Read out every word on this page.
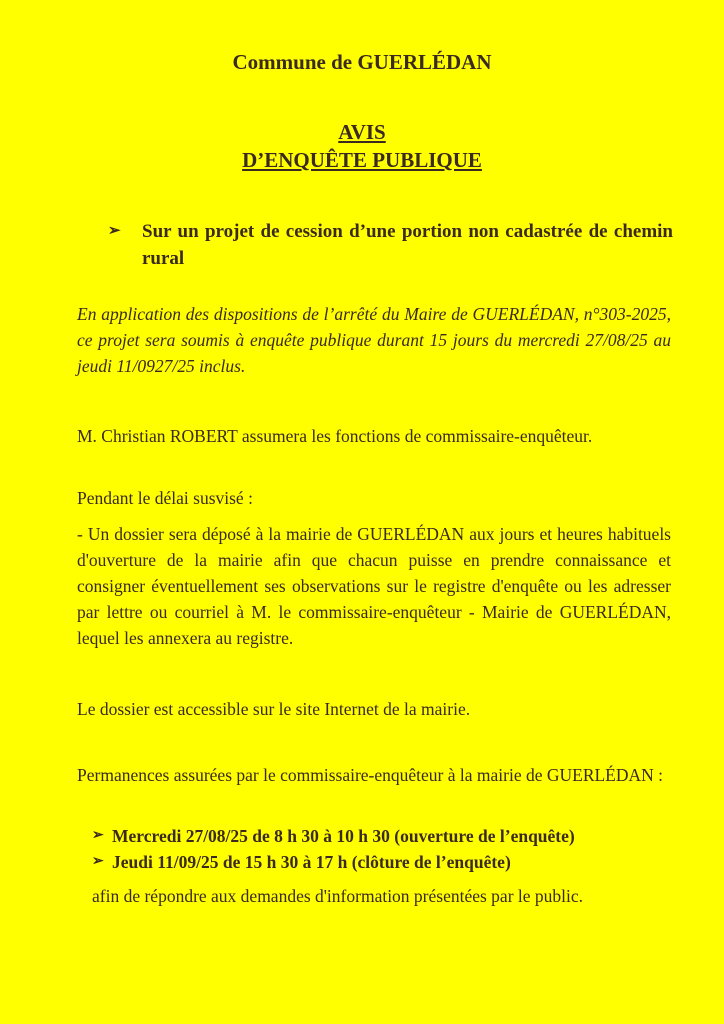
Commune de GUERLÉDAN
AVIS
D’ENQUÊTE PUBLIQUE
➢	Sur un projet de cession d’une portion non cadastrée de chemin rural
En application des dispositions de l’arrêté du Maire de GUERLÉDAN, n°303-2025, ce projet sera soumis à enquête publique durant 15 jours du mercredi 27/08/25 au jeudi 11/0927/25 inclus.
M. Christian ROBERT assumera les fonctions de commissaire-enquêteur.
Pendant le délai susvisé :
- Un dossier sera déposé à la mairie de GUERLÉDAN aux jours et heures habituels d'ouverture de la mairie afin que chacun puisse en prendre connaissance et consigner éventuellement ses observations sur le registre d'enquête ou les adresser par lettre ou courriel à M. le commissaire-enquêteur - Mairie de GUERLÉDAN, lequel les annexera au registre.
Le dossier est accessible sur le site Internet de la mairie.
Permanences assurées par le commissaire-enquêteur à la mairie de GUERLÉDAN :
➢ Mercredi 27/08/25 de 8 h 30 à 10 h 30 (ouverture de l’enquête)
➢ Jeudi 11/09/25 de 15 h 30 à 17 h (clôture de l’enquête)
afin de répondre aux demandes d'information présentées par le public.
